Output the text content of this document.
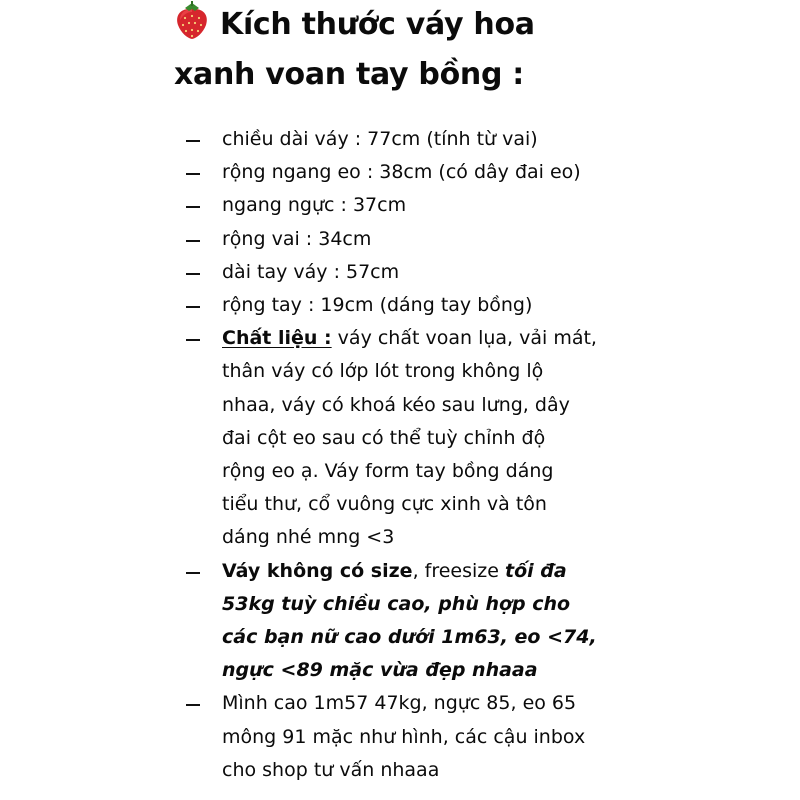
Kích thước váy hoa
xanh voan tay bồng :
chiều dài váy : 77cm (tính từ vai)
rộng ngang eo : 38cm (có dây đai eo)
ngang ngực : 37cm
rộng vai : 34cm
dài tay váy : 57cm
rộng tay : 19cm (dáng tay bồng)
Chất liệu : váy chất voan lụa, vải mát,
thân váy có lớp lót trong không lộ
nhaa, váy có khoá kéo sau lưng, dây
đai cột eo sau có thể tuỳ chỉnh độ
rộng eo ạ. Váy form tay bồng dáng
tiểu thư, cổ vuông cực xinh và tôn
dáng nhé mng <3
Váy không có size, freesize tối đa
53kg tuỳ chiều cao, phù hợp cho
các bạn nữ cao dưới 1m63, eo <74,
ngực <89 mặc vừa đẹp nhaaa
Mình cao 1m57 47kg, ngực 85, eo 65
mông 91 mặc như hình, các cậu inbox
cho shop tư vấn nhaaa
